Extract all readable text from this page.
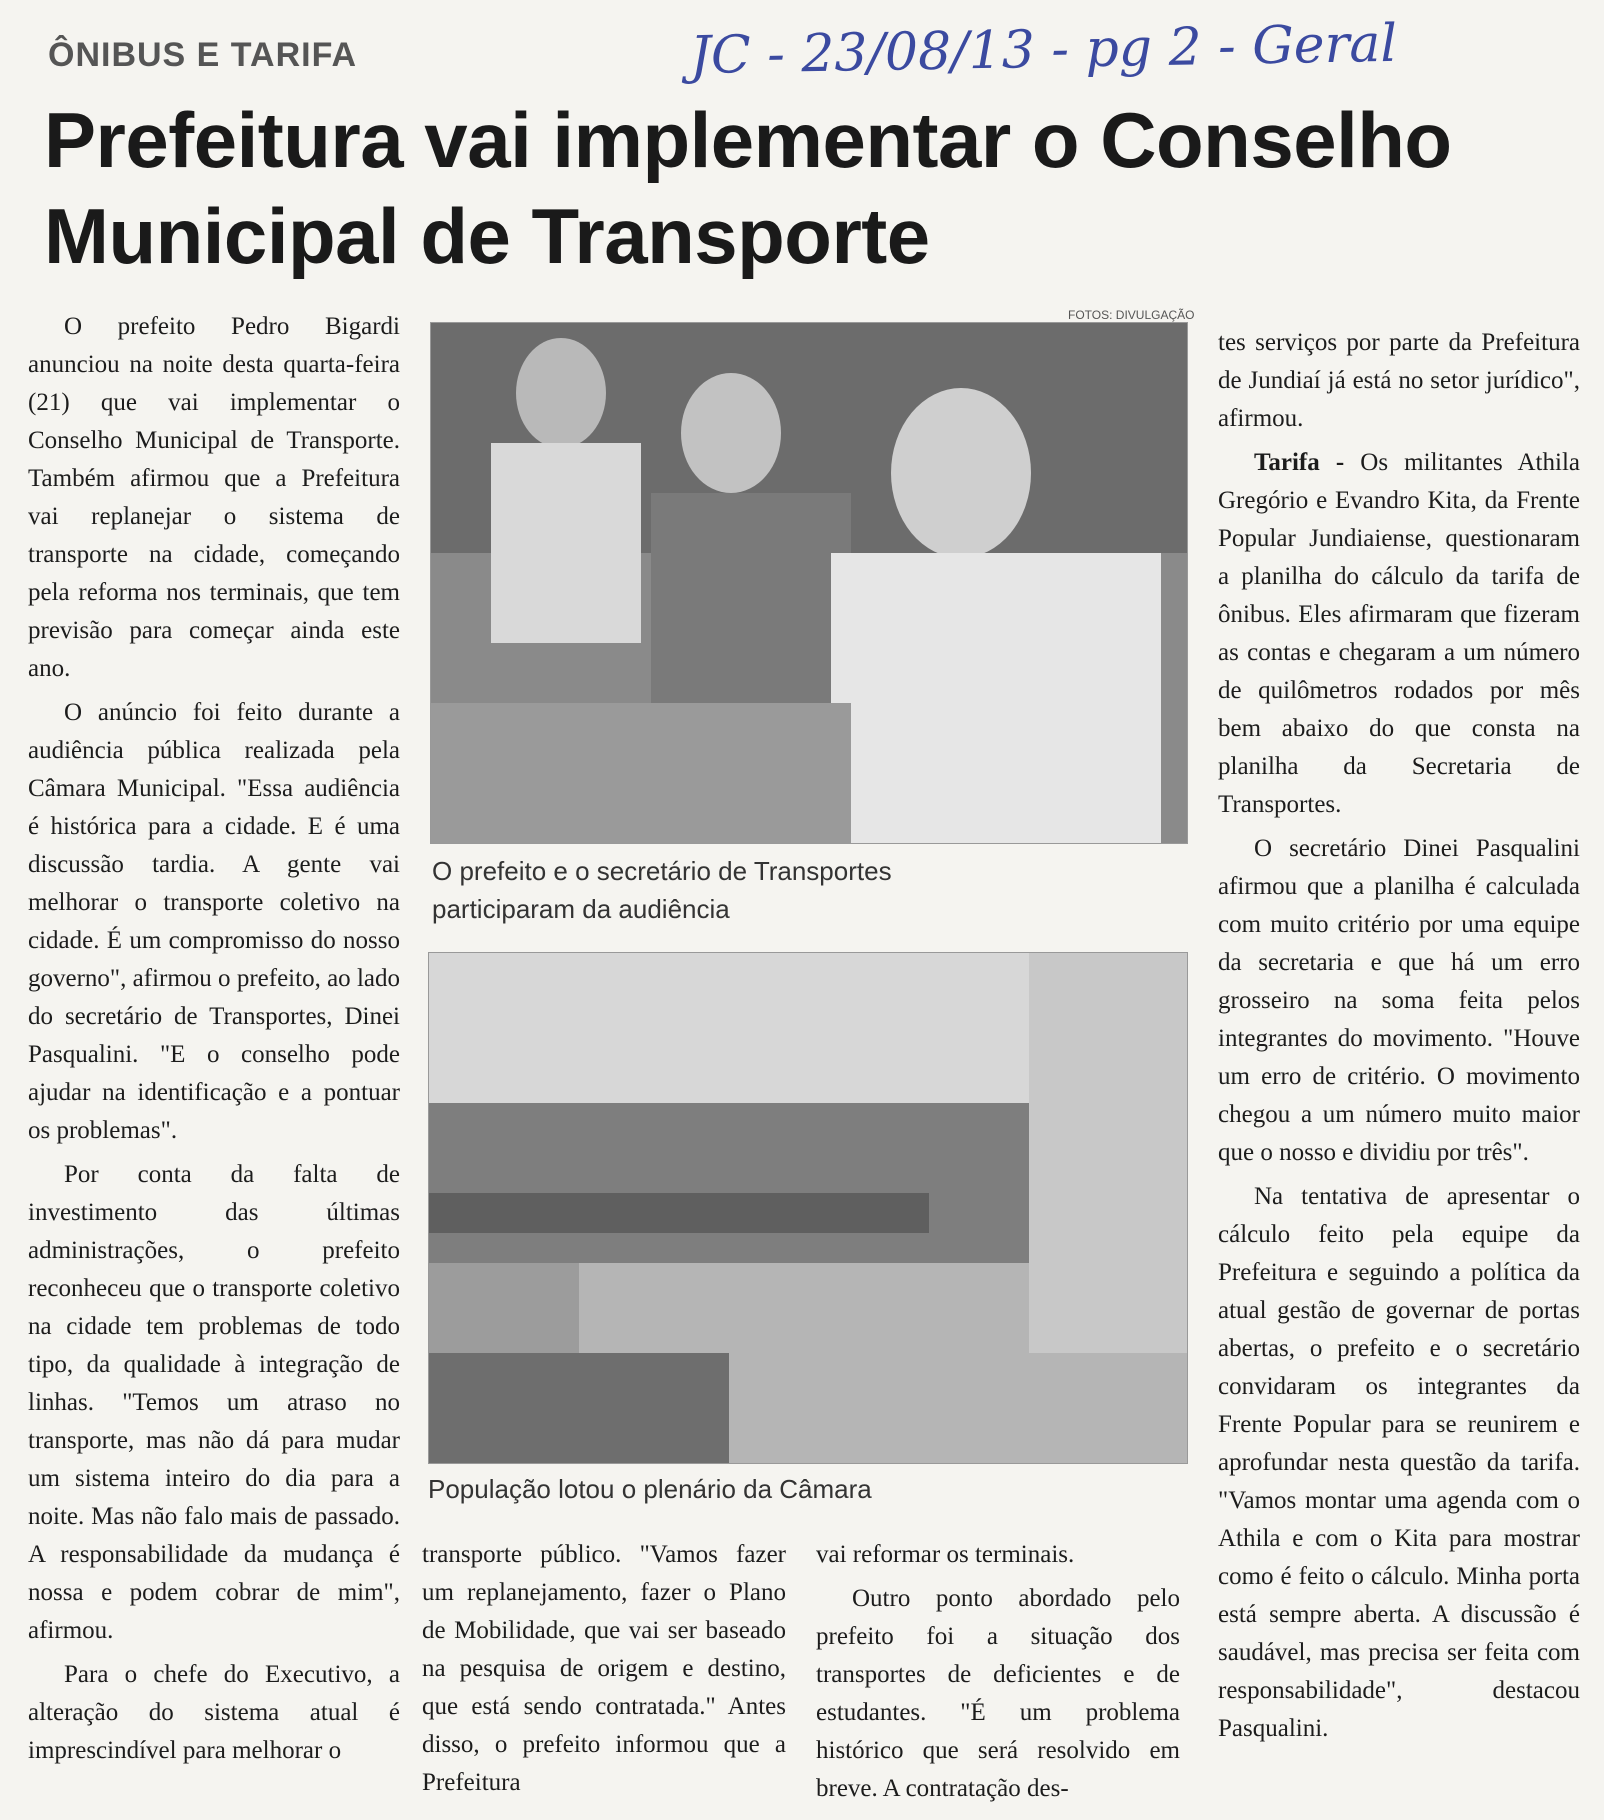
ÔNIBUS E TARIFA	JC - 23/08/13 - pg 2 - Geral
Prefeitura vai implementar o Conselho Municipal de Transporte

O prefeito Pedro Bigardi anunciou na noite desta quarta-feira (21) que vai implementar o Conselho Municipal de Transporte. Também afirmou que a Prefeitura vai replanejar o sistema de transporte na cidade, começando pela reforma nos terminais, que tem previsão para começar ainda este ano.

O anúncio foi feito durante a audiência pública realizada pela Câmara Municipal. "Essa audiência é histórica para a cidade. E é uma discussão tardia. A gente vai melhorar o transporte coletivo na cidade. É um compromisso do nosso governo", afirmou o prefeito, ao lado do secretário de Transportes, Dinei Pasqualini. "E o conselho pode ajudar na identificação e a pontuar os problemas".

Por conta da falta de investimento das últimas administrações, o prefeito reconheceu que o transporte coletivo na cidade tem problemas de todo tipo, da qualidade à integração de linhas. "Temos um atraso no transporte, mas não dá para mudar um sistema inteiro do dia para a noite. Mas não falo mais de passado. A responsabilidade da mudança é nossa e podem cobrar de mim", afirmou.

Para o chefe do Executivo, a alteração do sistema atual é imprescindível para melhorar o

FOTOS: DIVULGAÇÃO
O prefeito e o secretário de Transportes participaram da audiência
População lotou o plenário da Câmara

transporte público. "Vamos fazer um replanejamento, fazer o Plano de Mobilidade, que vai ser baseado na pesquisa de origem e destino, que está sendo contratada." Antes disso, o prefeito informou que a Prefeitura

vai reformar os terminais.

Outro ponto abordado pelo prefeito foi a situação dos transportes de deficientes e de estudantes. "É um problema histórico que será resolvido em breve. A contratação des-

tes serviços por parte da Prefeitura de Jundiaí já está no setor jurídico", afirmou.

Tarifa - Os militantes Athila Gregório e Evandro Kita, da Frente Popular Jundiaiense, questionaram a planilha do cálculo da tarifa de ônibus. Eles afirmaram que fizeram as contas e chegaram a um número de quilômetros rodados por mês bem abaixo do que consta na planilha da Secretaria de Transportes.

O secretário Dinei Pasqualini afirmou que a planilha é calculada com muito critério por uma equipe da secretaria e que há um erro grosseiro na soma feita pelos integrantes do movimento. "Houve um erro de critério. O movimento chegou a um número muito maior que o nosso e dividiu por três".

Na tentativa de apresentar o cálculo feito pela equipe da Prefeitura e seguindo a política da atual gestão de governar de portas abertas, o prefeito e o secretário convidaram os integrantes da Frente Popular para se reunirem e aprofundar nesta questão da tarifa. "Vamos montar uma agenda com o Athila e com o Kita para mostrar como é feito o cálculo. Minha porta está sempre aberta. A discussão é saudável, mas precisa ser feita com responsabilidade", destacou Pasqualini.
